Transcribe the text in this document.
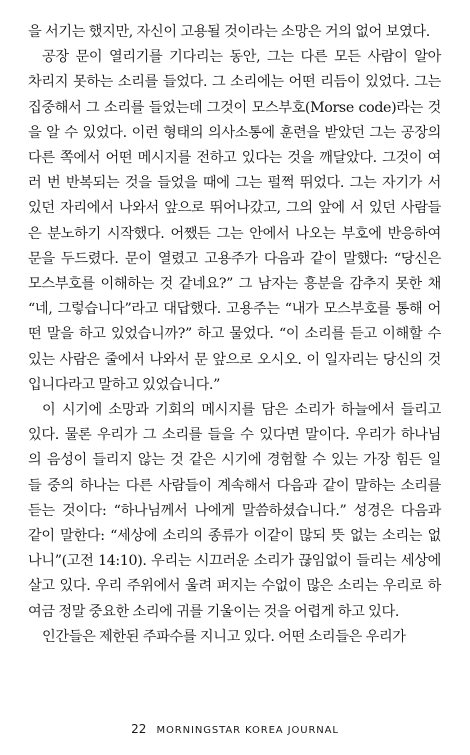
을 서기는 했지만, 자신이 고용될 것이라는 소망은 거의 없어 보였다.
공장 문이 열리기를 기다리는 동안, 그는 다른 모든 사람이 알아
차리지 못하는 소리를 들었다. 그 소리에는 어떤 리듬이 있었다. 그는
집중해서 그 소리를 들었는데 그것이 모스부호(Morse code)라는 것
을 알 수 있었다. 이런 형태의 의사소통에 훈련을 받았던 그는 공장의
다른 쪽에서 어떤 메시지를 전하고 있다는 것을 깨달았다. 그것이 여
러 번 반복되는 것을 들었을 때에 그는 펄쩍 뛰었다. 그는 자기가 서
있던 자리에서 나와서 앞으로 뛰어나갔고, 그의 앞에 서 있던 사람들
은 분노하기 시작했다. 어쨌든 그는 안에서 나오는 부호에 반응하여
문을 두드렸다. 문이 열렸고 고용주가 다음과 같이 말했다: “당신은
모스부호를 이해하는 것 같네요?” 그 남자는 흥분을 감추지 못한 채
“네, 그렇습니다”라고 대답했다. 고용주는 “내가 모스부호를 통해 어
떤 말을 하고 있었습니까?” 하고 물었다. “이 소리를 듣고 이해할 수
있는 사람은 줄에서 나와서 문 앞으로 오시오. 이 일자리는 당신의 것
입니다라고 말하고 있었습니다.”
이 시기에 소망과 기회의 메시지를 담은 소리가 하늘에서 들리고
있다. 물론 우리가 그 소리를 들을 수 있다면 말이다. 우리가 하나님
의 음성이 들리지 않는 것 같은 시기에 경험할 수 있는 가장 힘든 일
들 중의 하나는 다른 사람들이 계속해서 다음과 같이 말하는 소리를
듣는 것이다: “하나님께서 나에게 말씀하셨습니다.” 성경은 다음과
같이 말한다: “세상에 소리의 종류가 이같이 많되 뜻 없는 소리는 없
나니”(고전 14:10). 우리는 시끄러운 소리가 끊임없이 들리는 세상에
살고 있다. 우리 주위에서 울려 퍼지는 수없이 많은 소리는 우리로 하
여금 정말 중요한 소리에 귀를 기울이는 것을 어렵게 하고 있다.
인간들은 제한된 주파수를 지니고 있다. 어떤 소리들은 우리가
22 MORNINGSTAR KOREA JOURNAL
